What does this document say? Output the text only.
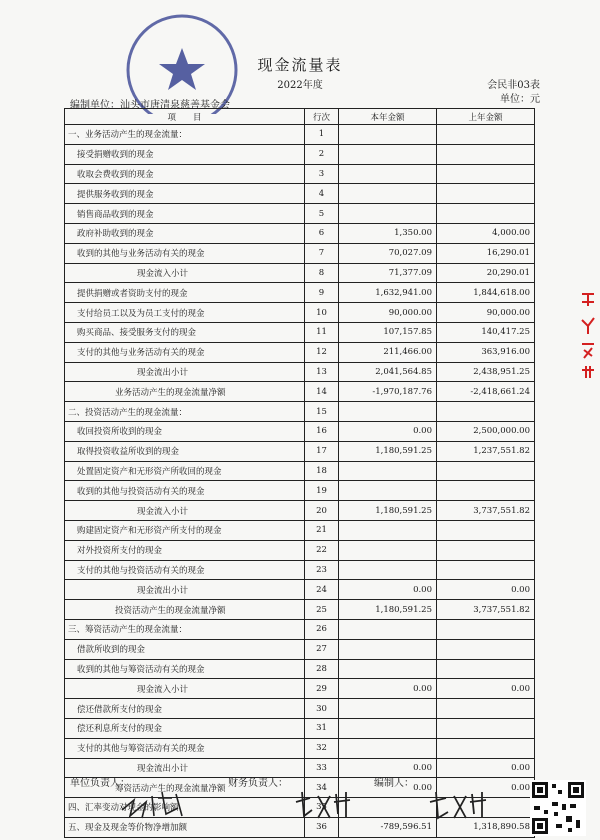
现金流量表
2022年度	会民非03表
编制单位：汕头市唐清泉慈善基金会
单位：元
项　　目	行次	本年金额	上年金额
一、业务活动产生的现金流量：	1		
接受捐赠收到的现金	2		
收取会费收到的现金	3		
提供服务收到的现金	4		
销售商品收到的现金	5		
政府补助收到的现金	6	1,350.00	4,000.00
收到的其他与业务活动有关的现金	7	70,027.09	16,290.01
现金流入小计	8	71,377.09	20,290.01
提供捐赠或者资助支付的现金	9	1,632,941.00	1,844,618.00
支付给员工以及为员工支付的现金	10	90,000.00	90,000.00
购买商品、接受服务支付的现金	11	107,157.85	140,417.25
支付的其他与业务活动有关的现金	12	211,466.00	363,916.00
现金流出小计	13	2,041,564.85	2,438,951.25
业务活动产生的现金流量净额	14	-1,970,187.76	-2,418,661.24
二、投资活动产生的现金流量：	15		
收回投资所收到的现金	16	0.00	2,500,000.00
取得投资收益所收到的现金	17	1,180,591.25	1,237,551.82
处置固定资产和无形资产所收回的现金	18		
收到的其他与投资活动有关的现金	19		
现金流入小计	20	1,180,591.25	3,737,551.82
购建固定资产和无形资产所支付的现金	21		
对外投资所支付的现金	22		
支付的其他与投资活动有关的现金	23		
现金流出小计	24	0.00	0.00
投资活动产生的现金流量净额	25	1,180,591.25	3,737,551.82
三、筹资活动产生的现金流量：	26		
借款所收到的现金	27		
收到的其他与筹资活动有关的现金	28		
现金流入小计	29	0.00	0.00
偿还借款所支付的现金	30		
偿还利息所支付的现金	31		
支付的其他与筹资活动有关的现金	32		
现金流出小计	33	0.00	0.00
筹资活动产生的现金流量净额	34	0.00	0.00
四、汇率变动对现金的影响额	35		
五、现金及现金等价物净增加额	36	-789,596.51	1,318,890.58
单位负责人：	财务负责人：	编制人：
